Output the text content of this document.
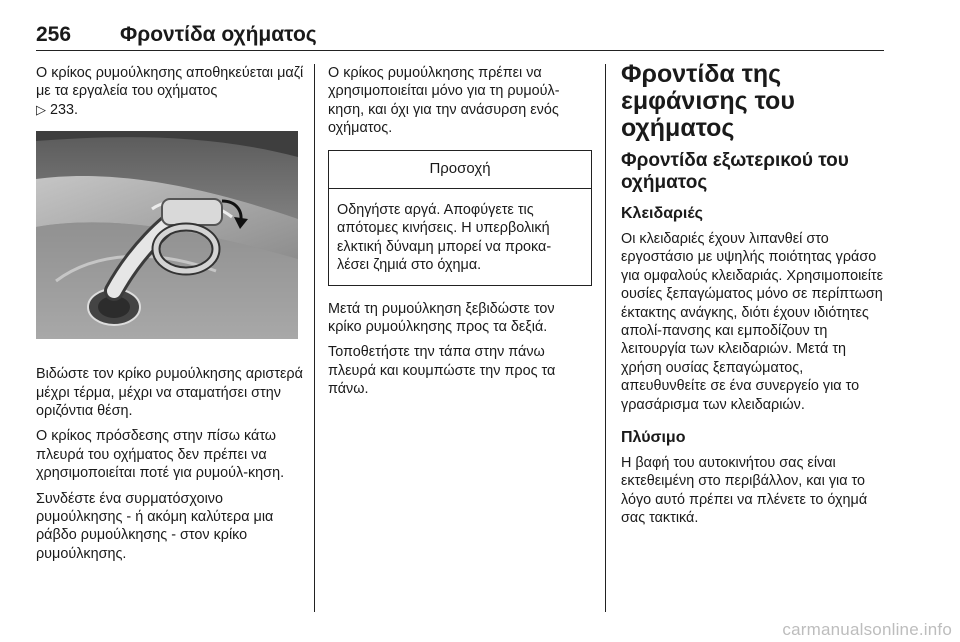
256 Φροντίδα οχήματος

Ο κρίκος ρυμούλκησης αποθηκεύεται μαζί με τα εργαλεία του οχήματος
▷ 233.

Βιδώστε τον κρίκο ρυμούλκησης αριστερά μέχρι τέρμα, μέχρι να σταματήσει στην οριζόντια θέση.

Ο κρίκος πρόσδεσης στην πίσω κάτω πλευρά του οχήματος δεν πρέπει να χρησιμοποιείται ποτέ για ρυμούλ-κηση.

Συνδέστε ένα συρματόσχοινο ρυμούλκησης - ή ακόμη καλύτερα μια ράβδο ρυμούλκησης - στον κρίκο ρυμούλκησης.

Ο κρίκος ρυμούλκησης πρέπει να χρησιμοποιείται μόνο για τη ρυμούλ-κηση, και όχι για την ανάσυρση ενός οχήματος.

Προσοχή
Οδηγήστε αργά. Αποφύγετε τις απότομες κινήσεις. Η υπερβολική ελκτική δύναμη μπορεί να προκα-λέσει ζημιά στο όχημα.

Μετά τη ρυμούλκηση ξεβιδώστε τον κρίκο ρυμούλκησης προς τα δεξιά.

Τοποθετήστε την τάπα στην πάνω πλευρά και κουμπώστε την προς τα πάνω.

Φροντίδα της εμφάνισης του οχήματος
Φροντίδα εξωτερικού του οχήματος
Κλειδαριές

Οι κλειδαριές έχουν λιπανθεί στο εργοστάσιο με υψηλής ποιότητας γράσο για ομφαλούς κλειδαριάς. Χρησιμοποιείτε ουσίες ξεπαγώματος μόνο σε περίπτωση έκτακτης ανάγκης, διότι έχουν ιδιότητες απολί-πανσης και εμποδίζουν τη λειτουργία των κλειδαριών. Μετά τη χρήση ουσίας ξεπαγώματος, απευθυνθείτε σε ένα συνεργείο για το γρασάρισμα των κλειδαριών.

Πλύσιμο

Η βαφή του αυτοκινήτου σας είναι εκτεθειμένη στο περιβάλλον, και για το λόγο αυτό πρέπει να πλένετε το όχημά σας τακτικά.

carmanualsonline.info
